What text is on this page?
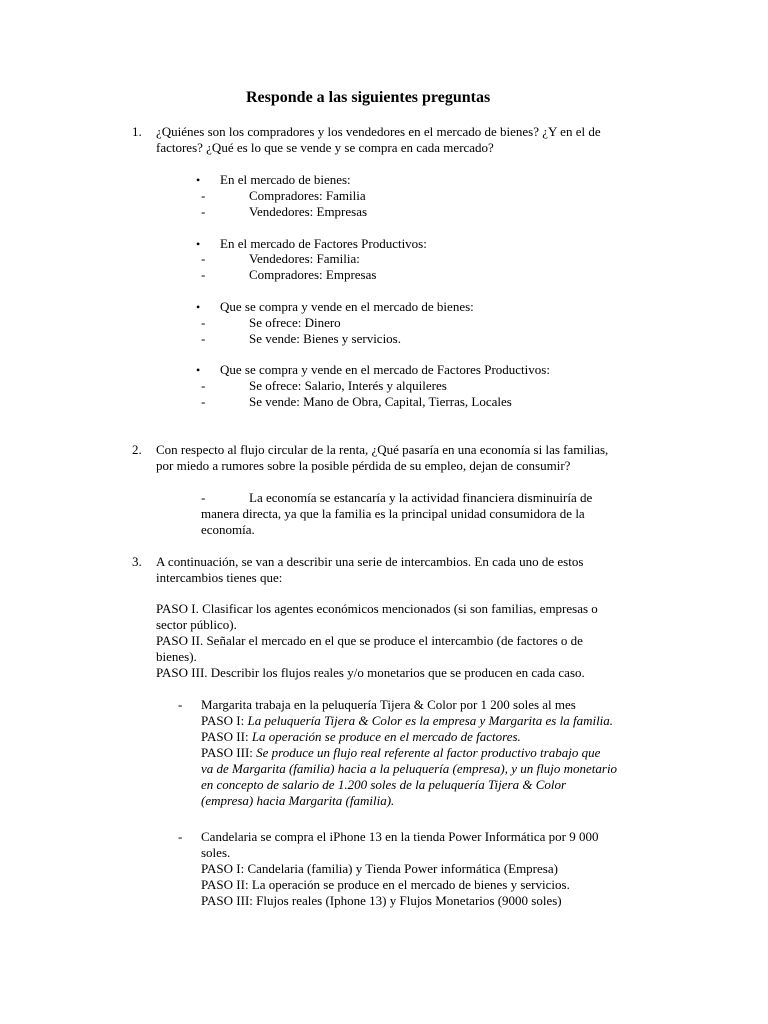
Responde a las siguientes preguntas
1. ¿Quiénes son los compradores y los vendedores en el mercado de bienes? ¿Y en el de
factores? ¿Qué es lo que se vende y se compra en cada mercado?
• En el mercado de bienes:
-	Compradores: Familia
-	Vendedores: Empresas
• En el mercado de Factores Productivos:
-	Vendedores: Familia:
-	Compradores: Empresas
• Que se compra y vende en el mercado de bienes:
-	Se ofrece: Dinero
-	Se vende: Bienes y servicios.
• Que se compra y vende en el mercado de Factores Productivos:
-	Se ofrece: Salario, Interés y alquileres
-	Se vende: Mano de Obra, Capital, Tierras, Locales
2. Con respecto al flujo circular de la renta, ¿Qué pasaría en una economía si las familias,
por miedo a rumores sobre la posible pérdida de su empleo, dejan de consumir?
-	La economía se estancaría y la actividad financiera disminuiría de
manera directa, ya que la familia es la principal unidad consumidora de la
economía.
3. A continuación, se van a describir una serie de intercambios. En cada uno de estos
intercambios tienes que:
PASO I. Clasificar los agentes económicos mencionados (si son familias, empresas o
sector público).
PASO II. Señalar el mercado en el que se produce el intercambio (de factores o de
bienes).
PASO III. Describir los flujos reales y/o monetarios que se producen en cada caso.
- Margarita trabaja en la peluquería Tijera & Color por 1 200 soles al mes
PASO I: La peluquería Tijera & Color es la empresa y Margarita es la familia.
PASO II: La operación se produce en el mercado de factores.
PASO III: Se produce un flujo real referente al factor productivo trabajo que
va de Margarita (familia) hacia a la peluquería (empresa), y un flujo monetario
en concepto de salario de 1.200 soles de la peluquería Tijera & Color
(empresa) hacia Margarita (familia).
- Candelaria se compra el iPhone 13 en la tienda Power Informática por 9 000
soles.
PASO I: Candelaria (familia) y Tienda Power informática (Empresa)
PASO II: La operación se produce en el mercado de bienes y servicios.
PASO III: Flujos reales (Iphone 13) y Flujos Monetarios (9000 soles)
